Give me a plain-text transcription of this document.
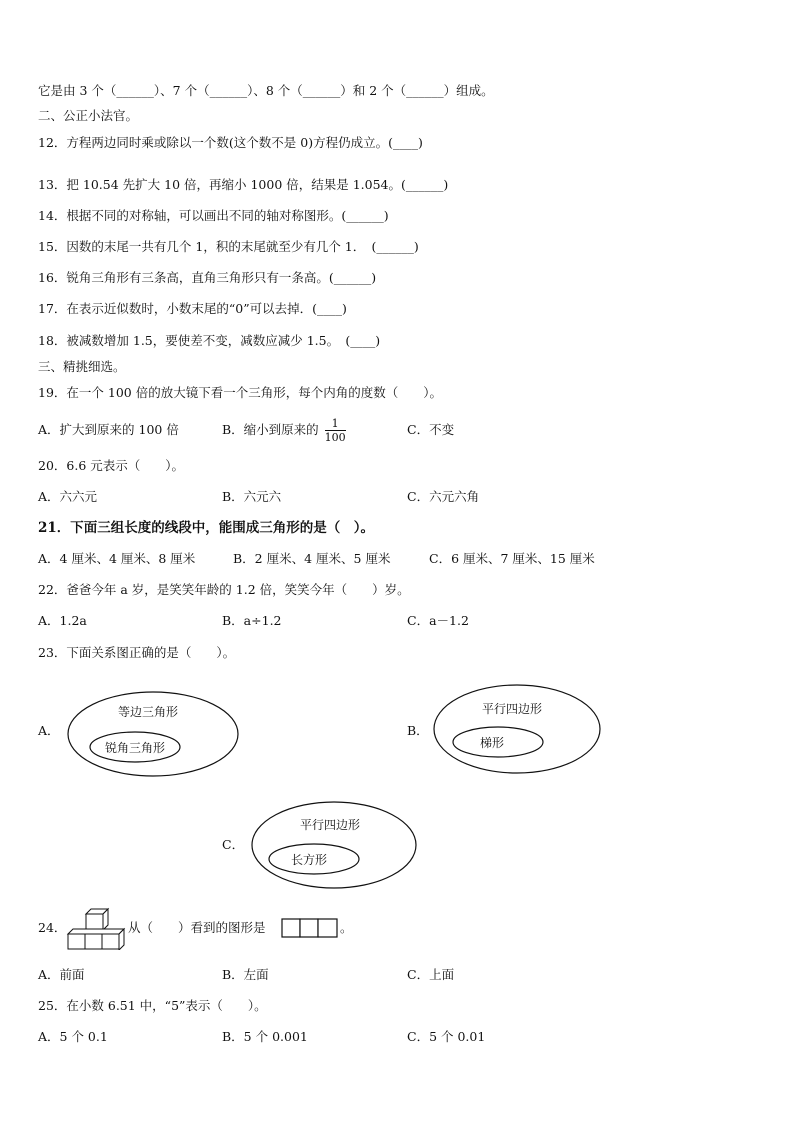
它是由 3 个（______）、7 个（______）、8 个（______）和 2 个（______）组成。
二、公正小法官。
12．方程两边同时乘或除以一个数(这个数不是 0)方程仍成立。(____)
13．把 10.54 先扩大 10 倍，再缩小 1000 倍，结果是 1.054。(______)
14．根据不同的对称轴，可以画出不同的轴对称图形。(______)
15．因数的末尾一共有几个 1，积的末尾就至少有几个 1．　(______)
16．锐角三角形有三条高，直角三角形只有一条高。(______)
17．在表示近似数时，小数末尾的“0”可以去掉．(____)
18．被减数增加 1.5，要使差不变，减数应减少 1.5。　(____)
三、精挑细选。
19．在一个 100 倍的放大镜下看一个三角形，每个内角的度数（　　）。
A．扩大到原来的 100 倍	B．缩小到原来的 $\frac{1}{100}$	C．不变
20．6.6 元表示（　　）。
A．六六元	B．六元六	C．六元六角
21．下面三组长度的线段中，能围成三角形的是（　）。
A．4 厘米、4 厘米、8 厘米	B．2 厘米、4 厘米、5 厘米	C．6 厘米、7 厘米、15 厘米
22．爸爸今年 a 岁，是笑笑年龄的 1.2 倍，笑笑今年（　　）岁。
A．1.2a	B．a÷1.2	C．a－1.2
23．下面关系图正确的是（　　）。
A．
等边三角形
锐角三角形
B．
平行四边形
梯形
C．
平行四边形
长方形
24．	从（　　）看到的图形是	。
A．前面	B．左面	C．上面
25．在小数 6.51 中，“5”表示（　　）。
A．5 个 0.1	B．5 个 0.001	C．5 个 0.01
